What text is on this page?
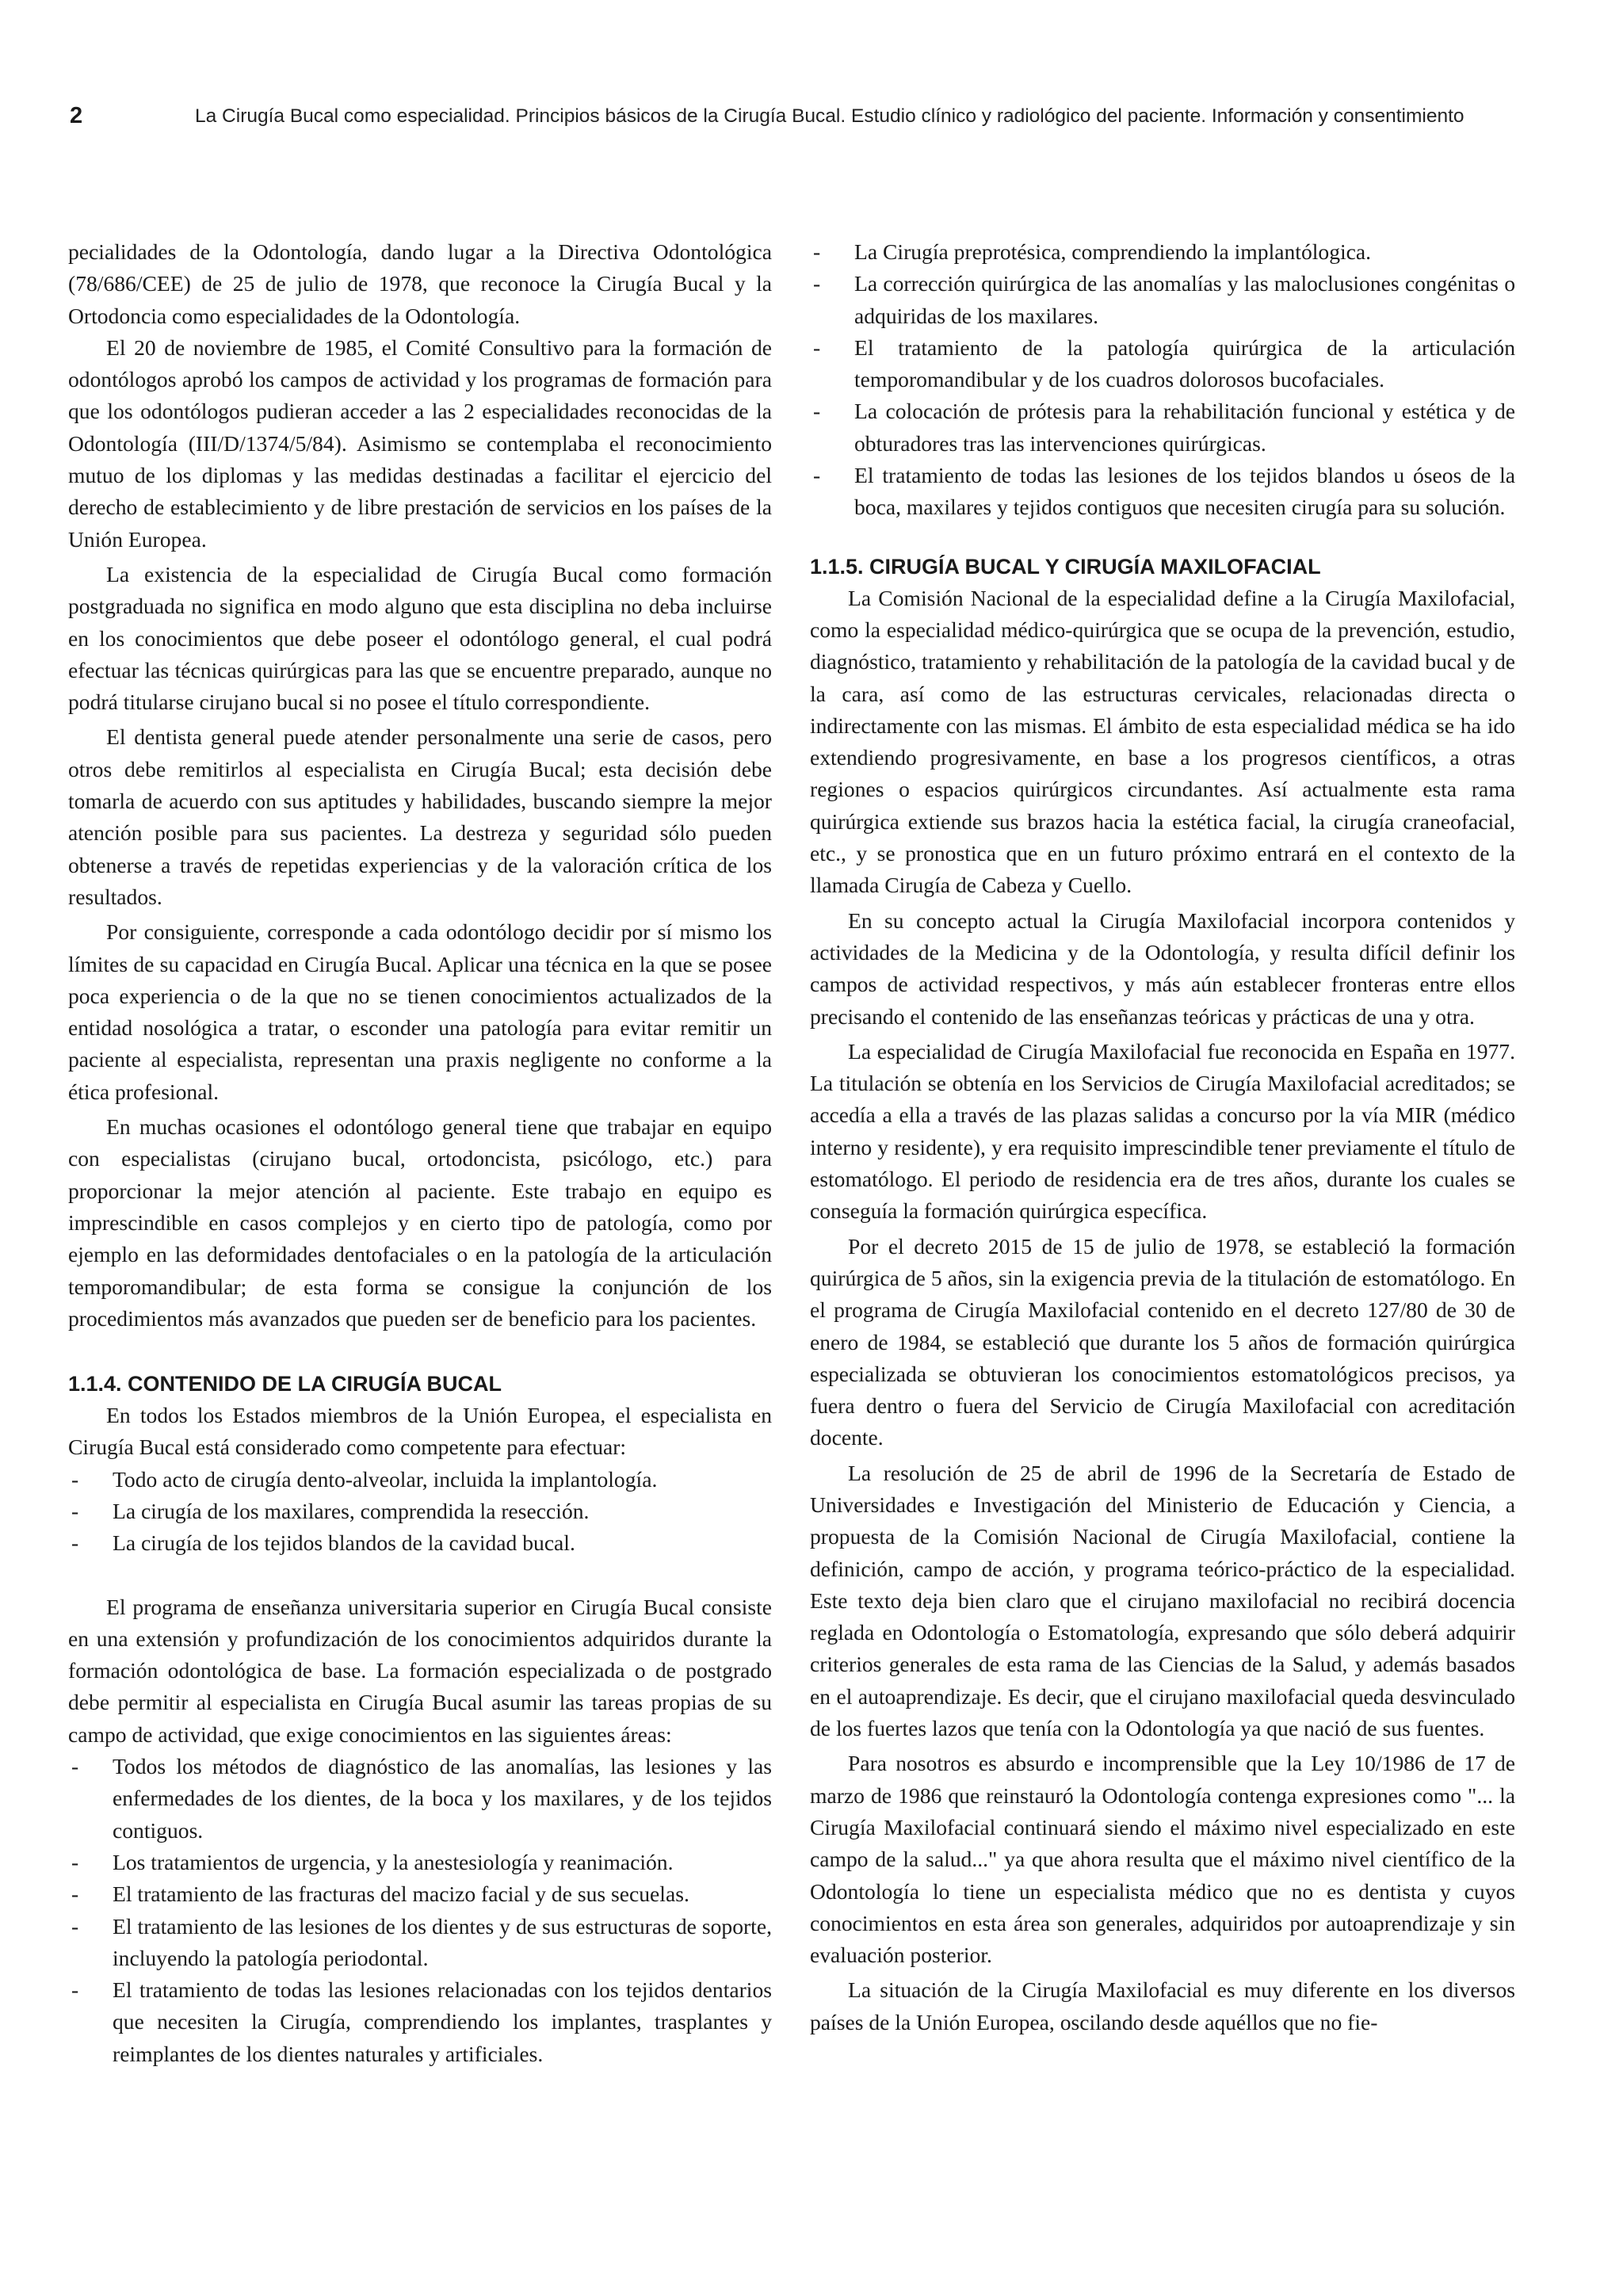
2	La Cirugía Bucal como especialidad. Principios básicos de la Cirugía Bucal. Estudio clínico y radiológico del paciente. Información y consentimiento

pecialidades de la Odontología, dando lugar a la Directiva Odontológica (78/686/CEE) de 25 de julio de 1978, que reconoce la Cirugía Bucal y la Ortodoncia como especialidades de la Odontología.

El 20 de noviembre de 1985, el Comité Consultivo para la formación de odontólogos aprobó los campos de actividad y los programas de formación para que los odontólogos pudieran acceder a las 2 especialidades reconocidas de la Odontología (III/D/1374/5/84). Asimismo se contemplaba el reconocimiento mutuo de los diplomas y las medidas destinadas a facilitar el ejercicio del derecho de establecimiento y de libre prestación de servicios en los países de la Unión Europea.

La existencia de la especialidad de Cirugía Bucal como formación postgraduada no significa en modo alguno que esta disciplina no deba incluirse en los conocimientos que debe poseer el odontólogo general, el cual podrá efectuar las técnicas quirúrgicas para las que se encuentre preparado, aunque no podrá titularse cirujano bucal si no posee el título correspondiente.

El dentista general puede atender personalmente una serie de casos, pero otros debe remitirlos al especialista en Cirugía Bucal; esta decisión debe tomarla de acuerdo con sus aptitudes y habilidades, buscando siempre la mejor atención posible para sus pacientes. La destreza y seguridad sólo pueden obtenerse a través de repetidas experiencias y de la valoración crítica de los resultados.

Por consiguiente, corresponde a cada odontólogo decidir por sí mismo los límites de su capacidad en Cirugía Bucal. Aplicar una técnica en la que se posee poca experiencia o de la que no se tienen conocimientos actualizados de la entidad nosológica a tratar, o esconder una patología para evitar remitir un paciente al especialista, representan una praxis negligente no conforme a la ética profesional.

En muchas ocasiones el odontólogo general tiene que trabajar en equipo con especialistas (cirujano bucal, ortodoncista, psicólogo, etc.) para proporcionar la mejor atención al paciente. Este trabajo en equipo es imprescindible en casos complejos y en cierto tipo de patología, como por ejemplo en las deformidades dentofaciales o en la patología de la articulación temporomandibular; de esta forma se consigue la conjunción de los procedimientos más avanzados que pueden ser de beneficio para los pacientes.

1.1.4. CONTENIDO DE LA CIRUGÍA BUCAL

En todos los Estados miembros de la Unión Europea, el especialista en Cirugía Bucal está considerado como competente para efectuar:

- Todo acto de cirugía dento-alveolar, incluida la implantología.
- La cirugía de los maxilares, comprendida la resección.
- La cirugía de los tejidos blandos de la cavidad bucal.

El programa de enseñanza universitaria superior en Cirugía Bucal consiste en una extensión y profundización de los conocimientos adquiridos durante la formación odontológica de base. La formación especializada o de postgrado debe permitir al especialista en Cirugía Bucal asumir las tareas propias de su campo de actividad, que exige conocimientos en las siguientes áreas:

- Todos los métodos de diagnóstico de las anomalías, las lesiones y las enfermedades de los dientes, de la boca y los maxilares, y de los tejidos contiguos.
- Los tratamientos de urgencia, y la anestesiología y reanimación.
- El tratamiento de las fracturas del macizo facial y de sus secuelas.
- El tratamiento de las lesiones de los dientes y de sus estructuras de soporte, incluyendo la patología periodontal.
- El tratamiento de todas las lesiones relacionadas con los tejidos dentarios que necesiten la Cirugía, comprendiendo los implantes, trasplantes y reimplantes de los dientes naturales y artificiales.
- La Cirugía preprotésica, comprendiendo la implantólogica.
- La corrección quirúrgica de las anomalías y las maloclusiones congénitas o adquiridas de los maxilares.
- El tratamiento de la patología quirúrgica de la articulación temporomandibular y de los cuadros dolorosos bucofaciales.
- La colocación de prótesis para la rehabilitación funcional y estética y de obturadores tras las intervenciones quirúrgicas.
- El tratamiento de todas las lesiones de los tejidos blandos u óseos de la boca, maxilares y tejidos contiguos que necesiten cirugía para su solución.
1.1.5. CIRUGÍA BUCAL Y CIRUGÍA MAXILOFACIAL

La Comisión Nacional de la especialidad define a la Cirugía Maxilofacial, como la especialidad médico-quirúrgica que se ocupa de la prevención, estudio, diagnóstico, tratamiento y rehabilitación de la patología de la cavidad bucal y de la cara, así como de las estructuras cervicales, relacionadas directa o indirectamente con las mismas. El ámbito de esta especialidad médica se ha ido extendiendo progresivamente, en base a los progresos científicos, a otras regiones o espacios quirúrgicos circundantes. Así actualmente esta rama quirúrgica extiende sus brazos hacia la estética facial, la cirugía craneofacial, etc., y se pronostica que en un futuro próximo entrará en el contexto de la llamada Cirugía de Cabeza y Cuello.

En su concepto actual la Cirugía Maxilofacial incorpora contenidos y actividades de la Medicina y de la Odontología, y resulta difícil definir los campos de actividad respectivos, y más aún establecer fronteras entre ellos precisando el contenido de las enseñanzas teóricas y prácticas de una y otra.

La especialidad de Cirugía Maxilofacial fue reconocida en España en 1977. La titulación se obtenía en los Servicios de Cirugía Maxilofacial acreditados; se accedía a ella a través de las plazas salidas a concurso por la vía MIR (médico interno y residente), y era requisito imprescindible tener previamente el título de estomatólogo. El periodo de residencia era de tres años, durante los cuales se conseguía la formación quirúrgica específica.

Por el decreto 2015 de 15 de julio de 1978, se estableció la formación quirúrgica de 5 años, sin la exigencia previa de la titulación de estomatólogo. En el programa de Cirugía Maxilofacial contenido en el decreto 127/80 de 30 de enero de 1984, se estableció que durante los 5 años de formación quirúrgica especializada se obtuvieran los conocimientos estomatológicos precisos, ya fuera dentro o fuera del Servicio de Cirugía Maxilofacial con acreditación docente.

La resolución de 25 de abril de 1996 de la Secretaría de Estado de Universidades e Investigación del Ministerio de Educación y Ciencia, a propuesta de la Comisión Nacional de Cirugía Maxilofacial, contiene la definición, campo de acción, y programa teórico-práctico de la especialidad. Este texto deja bien claro que el cirujano maxilofacial no recibirá docencia reglada en Odontología o Estomatología, expresando que sólo deberá adquirir criterios generales de esta rama de las Ciencias de la Salud, y además basados en el autoaprendizaje. Es decir, que el cirujano maxilofacial queda desvinculado de los fuertes lazos que tenía con la Odontología ya que nació de sus fuentes.

Para nosotros es absurdo e incomprensible que la Ley 10/1986 de 17 de marzo de 1986 que reinstauró la Odontología contenga expresiones como "... la Cirugía Maxilofacial continuará siendo el máximo nivel especializado en este campo de la salud..." ya que ahora resulta que el máximo nivel científico de la Odontología lo tiene un especialista médico que no es dentista y cuyos conocimientos en esta área son generales, adquiridos por autoaprendizaje y sin evaluación posterior.

La situación de la Cirugía Maxilofacial es muy diferente en los diversos países de la Unión Europea, oscilando desde aquéllos que no fie-
